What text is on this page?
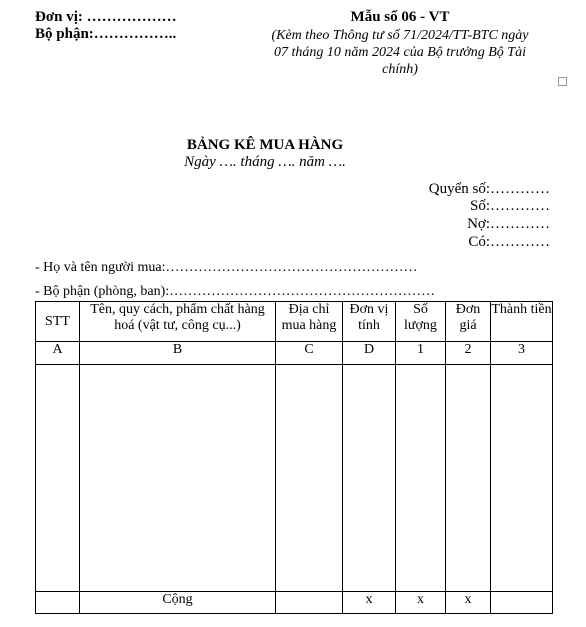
Đơn vị: ………………
Bộ phận:……………..
Mẫu số 06 - VT
(Kèm theo Thông tư số 71/2024/TT-BTC ngày
07 tháng 10 năm 2024 của Bộ trưởng Bộ Tài
chính)
BẢNG KÊ MUA HÀNG
Ngày …. tháng …. năm ….
Quyển số:…………
Số:…………
Nợ:…………
Có:…………
- Họ và tên người mua:………………………………………………
- Bộ phận (phòng, ban):…………………………………………………
STT	Tên, quy cách, phẩm chất hàng hoá (vật tư, công cụ...)	Địa chỉ mua hàng	Đơn vị tính	Số lượng	Đơn giá	Thành tiền
A	B	C	D	1	2	3

	Cộng		x	x	x	
